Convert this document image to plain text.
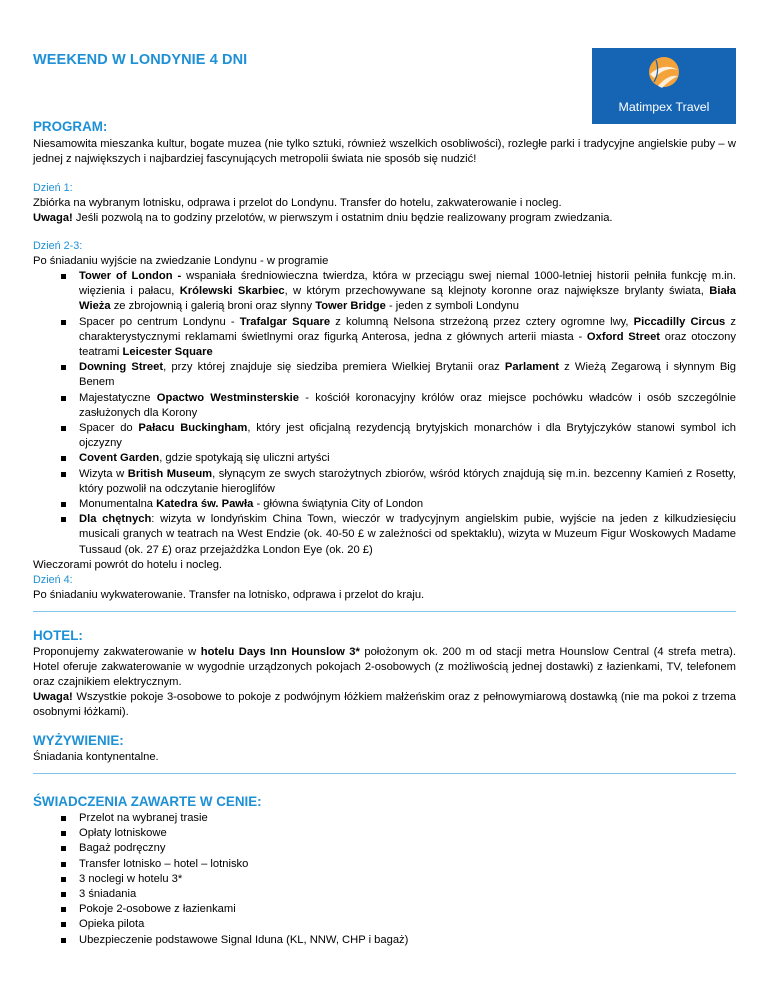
WEEKEND W LONDYNIE 4 DNI
Matimpex Travel
PROGRAM:
Niesamowita mieszanka kultur, bogate muzea (nie tylko sztuki, również wszelkich osobliwości), rozległe parki i tradycyjne angielskie puby – w jednej z największych i najbardziej fascynujących metropolii świata nie sposób się nudzić!
Dzień 1:
Zbiórka na wybranym lotnisku, odprawa i przelot do Londynu. Transfer do hotelu, zakwaterowanie i nocleg.
Uwaga! Jeśli pozwolą na to godziny przelotów, w pierwszym i ostatnim dniu będzie realizowany program zwiedzania.
Dzień 2-3:
Po śniadaniu wyjście na zwiedzanie Londynu - w programie
Tower of London - wspaniała średniowieczna twierdza, która w przeciągu swej niemal 1000-letniej historii pełniła funkcję m.in. więzienia i pałacu, Królewski Skarbiec, w którym przechowywane są klejnoty koronne oraz największe brylanty świata, Biała Wieża ze zbrojownią i galerią broni oraz słynny Tower Bridge - jeden z symboli Londynu
Spacer po centrum Londynu - Trafalgar Square z kolumną Nelsona strzeżoną przez cztery ogromne lwy, Piccadilly Circus z charakterystycznymi reklamami świetlnymi oraz figurką Anterosa, jedna z głównych arterii miasta - Oxford Street oraz otoczony teatrami Leicester Square
Downing Street, przy której znajduje się siedziba premiera Wielkiej Brytanii oraz Parlament z Wieżą Zegarową i słynnym Big Benem
Majestatyczne Opactwo Westminsterskie - kościół koronacyjny królów oraz miejsce pochówku władców i osób szczególnie zasłużonych dla Korony
Spacer do Pałacu Buckingham, który jest oficjalną rezydencją brytyjskich monarchów i dla Brytyjczyków stanowi symbol ich ojczyzny
Covent Garden, gdzie spotykają się uliczni artyści
Wizyta w British Museum, słynącym ze swych starożytnych zbiorów, wśród których znajdują się m.in. bezcenny Kamień z Rosetty, który pozwolił na odczytanie hieroglifów
Monumentalna Katedra św. Pawła - główna świątynia City of London
Dla chętnych: wizyta w londyńskim China Town, wieczór w tradycyjnym angielskim pubie, wyjście na jeden z kilkudziesięciu musicali granych w teatrach na West Endzie (ok. 40-50 £ w zależności od spektaklu), wizyta w Muzeum Figur Woskowych Madame Tussaud (ok. 27 £) oraz przejażdżka London Eye (ok. 20 £)
Wieczorami powrót do hotelu i nocleg.
Dzień 4:
Po śniadaniu wykwaterowanie. Transfer na lotnisko, odprawa i przelot do kraju.
HOTEL:
Proponujemy zakwaterowanie w hotelu Days Inn Hounslow 3* położonym ok. 200 m od stacji metra Hounslow Central (4 strefa metra). Hotel oferuje zakwaterowanie w wygodnie urządzonych pokojach 2-osobowych (z możliwością jednej dostawki) z łazienkami, TV, telefonem oraz czajnikiem elektrycznym.
Uwaga! Wszystkie pokoje 3-osobowe to pokoje z podwójnym łóżkiem małżeńskim oraz z pełnowymiarową dostawką (nie ma pokoi z trzema osobnymi łóżkami).
WYŻYWIENIE:
Śniadania kontynentalne.
ŚWIADCZENIA ZAWARTE W CENIE:
Przelot na wybranej trasie
Opłaty lotniskowe
Bagaż podręczny
Transfer lotnisko – hotel – lotnisko
3 noclegi w hotelu 3*
3 śniadania
Pokoje 2-osobowe z łazienkami
Opieka pilota
Ubezpieczenie podstawowe Signal Iduna (KL, NNW, CHP i bagaż)
